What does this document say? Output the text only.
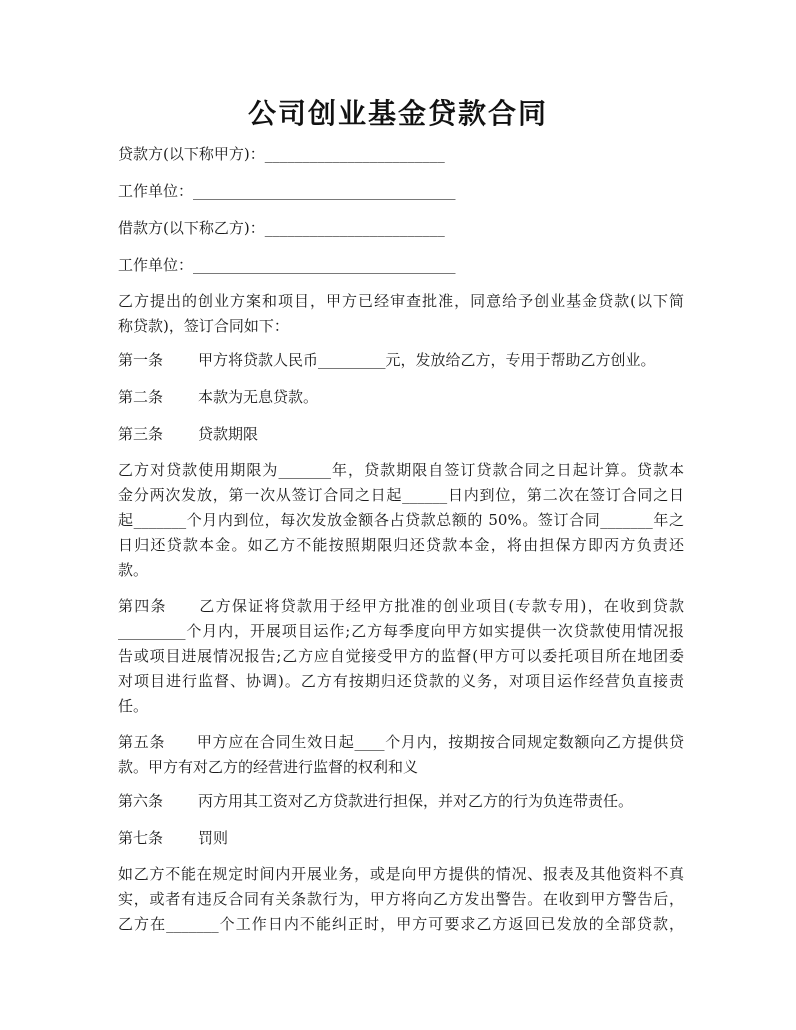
公司创业基金贷款合同
贷款方(以下称甲方)：________________________
工作单位：___________________________________
借款方(以下称乙方)：________________________
工作单位：___________________________________
乙方提出的创业方案和项目，甲方已经审查批准，同意给予创业基金贷款(以下简
称贷款)，签订合同如下：
第一条 甲方将贷款人民币_________元，发放给乙方，专用于帮助乙方创业。
第二条 本款为无息贷款。
第三条 贷款期限
乙方对贷款使用期限为_______年，贷款期限自签订贷款合同之日起计算。贷款本
金分两次发放，第一次从签订合同之日起______日内到位，第二次在签订合同之日
起_______个月内到位，每次发放金额各占贷款总额的 50%。签订合同_______年之
日归还贷款本金。如乙方不能按照期限归还贷款本金，将由担保方即丙方负责还
款。
第四条　　乙方保证将贷款用于经甲方批准的创业项目(专款专用)，在收到贷款
_________个月内，开展项目运作;乙方每季度向甲方如实提供一次贷款使用情况报
告或项目进展情况报告;乙方应自觉接受甲方的监督(甲方可以委托项目所在地团委
对项目进行监督、协调)。乙方有按期归还贷款的义务，对项目运作经营负直接责
任。
第五条　　甲方应在合同生效日起____个月内，按期按合同规定数额向乙方提供贷
款。甲方有对乙方的经营进行监督的权利和义
第六条 丙方用其工资对乙方贷款进行担保，并对乙方的行为负连带责任。
第七条 罚则
如乙方不能在规定时间内开展业务，或是向甲方提供的情况、报表及其他资料不真
实，或者有违反合同有关条款行为，甲方将向乙方发出警告。在收到甲方警告后，
乙方在_______个工作日内不能纠正时，甲方可要求乙方返回已发放的全部贷款，
